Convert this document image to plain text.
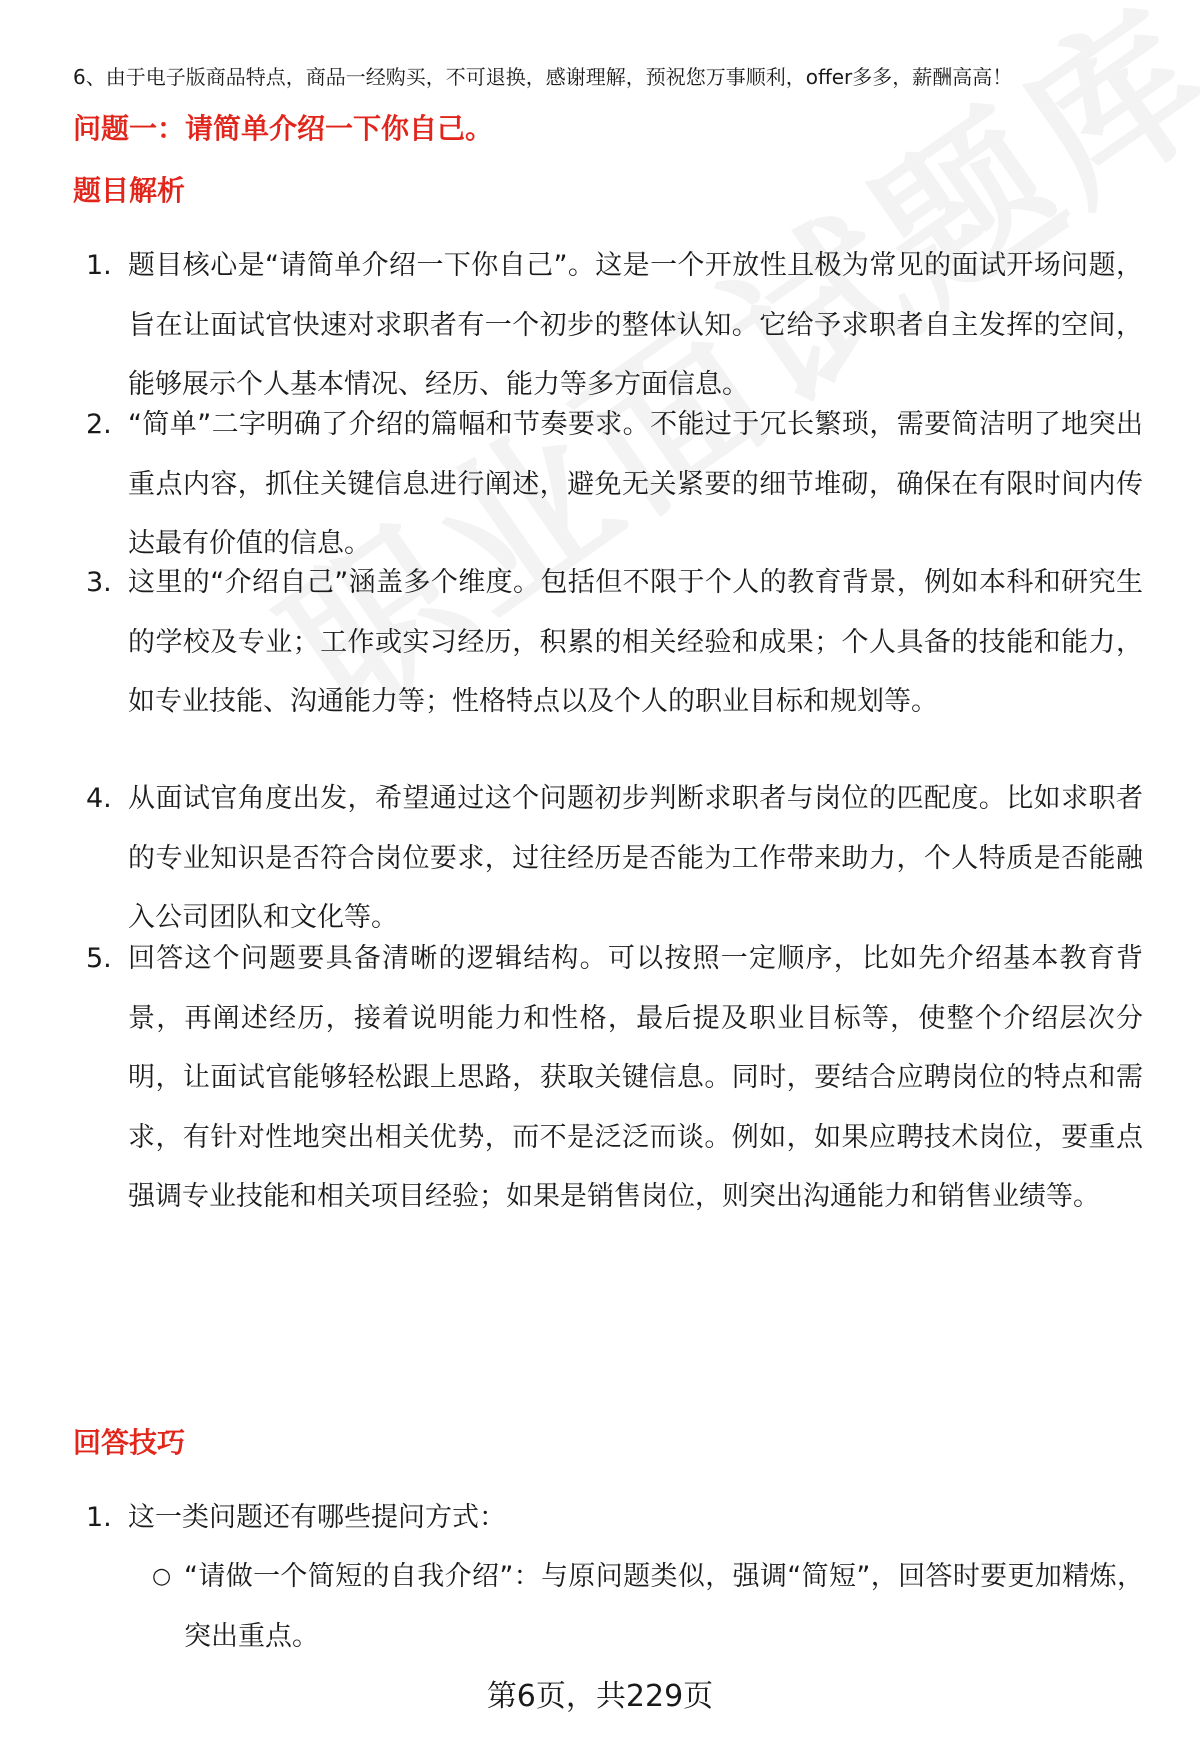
6、由于电子版商品特点，商品一经购买，不可退换，感谢理解，预祝您万事顺利，offer多多，薪酬高高！
问题一：请简单介绍一下你自己。
题目解析
1. 题目核心是“请简单介绍一下你自己”。这是一个开放性且极为常见的面试开场问题，旨在让面试官快速对求职者有一个初步的整体认知。它给予求职者自主发挥的空间，能够展示个人基本情况、经历、能力等多方面信息。
2. “简单”二字明确了介绍的篇幅和节奏要求。不能过于冗长繁琐，需要简洁明了地突出重点内容，抓住关键信息进行阐述，避免无关紧要的细节堆砌，确保在有限时间内传达最有价值的信息。
3. 这里的“介绍自己”涵盖多个维度。包括但不限于个人的教育背景，例如本科和研究生的学校及专业；工作或实习经历，积累的相关经验和成果；个人具备的技能和能力，如专业技能、沟通能力等；性格特点以及个人的职业目标和规划等。
4. 从面试官角度出发，希望通过这个问题初步判断求职者与岗位的匹配度。比如求职者的专业知识是否符合岗位要求，过往经历是否能为工作带来助力，个人特质是否能融入公司团队和文化等。
5. 回答这个问题要具备清晰的逻辑结构。可以按照一定顺序，比如先介绍基本教育背景，再阐述经历，接着说明能力和性格，最后提及职业目标等，使整个介绍层次分明，让面试官能够轻松跟上思路，获取关键信息。同时，要结合应聘岗位的特点和需求，有针对性地突出相关优势，而不是泛泛而谈。例如，如果应聘技术岗位，要重点强调专业技能和相关项目经验；如果是销售岗位，则突出沟通能力和销售业绩等。
回答技巧
1. 这一类问题还有哪些提问方式：
○ “请做一个简短的自我介绍”：与原问题类似，强调“简短”，回答时要更加精炼，突出重点。
第6页，共229页
